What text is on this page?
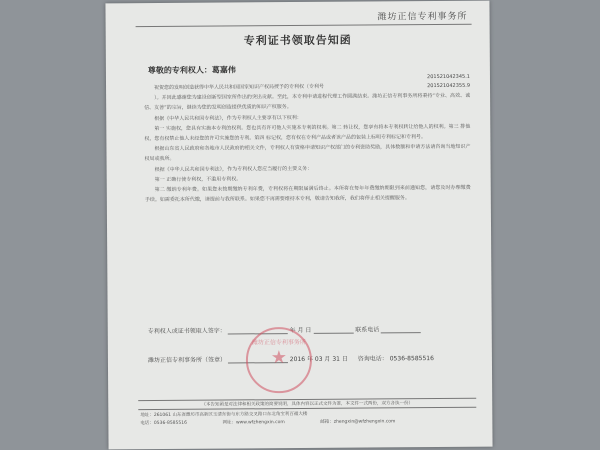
潍坊正信专利事务所
专利证书领取告知函
尊敬的专利权人：葛嘉伟
201521042345.1
201521042355.9

祝贺您的发明创造获得中华人民共和国国家知识产权局授予的专利权（专利号

）。并因此感谢您为建设创新型国家所作出的突出贡献。至此，本专利申请进程代理工作圆满结束。潍坊正信专利事务所将秉持“专业、高效、诚信、友善”的宗旨，继续为您的发明创造提供优质的知识产权服务。

根据《中华人民共和国专利法》，作为专利权人主要享有以下权利：

第一 实施权，您具有实施本专利的权利。您也具有许可他人实施本专利的权利。第二 转让权，您享有将本专利权转让给他人的权利。第三 排他权，您有权禁止他人未经您的许可实施您的专利。第四 标记权，您有权在专利产品或者该产品的包装上标明专利标记和专利号。

根据山东省人民政府和各地市人民政府的相关文件，专利权人有资格申请知识产权部门的专利资助奖励，具体数额和申请方法请咨询当地知识产权局或我所。

根据《中华人民共和国专利法》，作为专利权人您应当履行的主要义务：

第一 正确行使专利权，不滥用专利权。

第二 缴纳专利年费。如果您未按期缴纳专利年费，专利权将在期限届满后终止。本所将在每年年费缴纳期限到来前通知您，请您及时办理缴费手续。如需委托本所代缴，请提前与我所联系。如果您不再需要维持本专利，敬请告知我所，我们将停止相关提醒服务。

专利权人或证书领取人签字：	年 月 日	联系电话
潍坊正信专利事务所（签章）	2016 年 03 月 31 日 咨询电话： 0536-8585516
潍坊正信专利事务所
★
（本告知函是对法律和相关政策的简要说明，具体内容以正式文件为准，本文件一式两份，双方各执一份）
地址：261061 山东省潍坊市高新区玉清东街与东方路交叉路口东北角宝利百福大楼
电话：0536-8585516	网址：www.wfzhengxin.com	邮箱：zhengxin@wfzhengxin.com
